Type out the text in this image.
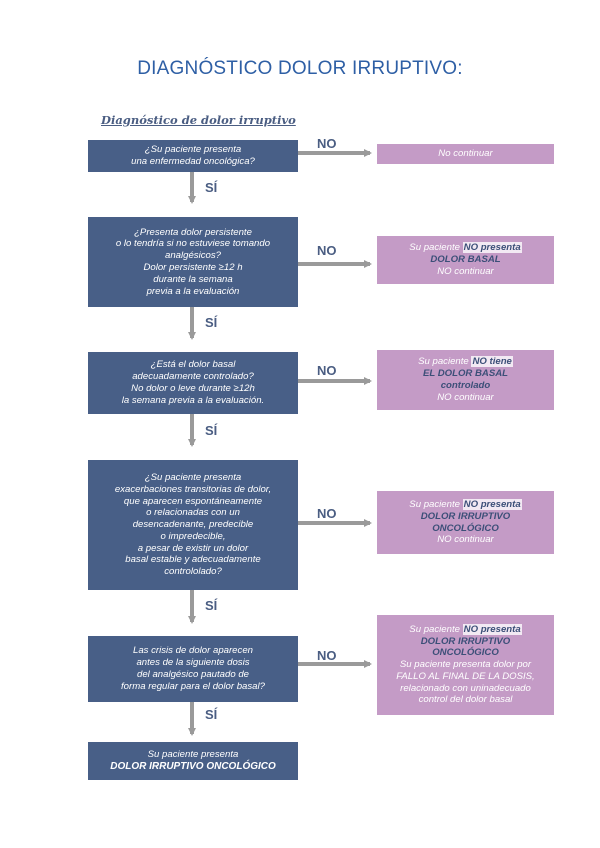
DIAGNÓSTICO DOLOR IRRUPTIVO:
Diagnóstico de dolor irruptivo
¿Su paciente presenta
una enfermedad oncológica?
¿Presenta dolor persistente
o lo tendría si no estuviese tomando
analgésicos?
Dolor persistente ≥12 h
durante la semana
previa a la evaluación
¿Está el dolor basal
adecuadamente controlado?
No dolor o leve durante ≥12h
la semana previa a la evaluación.
¿Su paciente presenta
exacerbaciones transitorias de dolor,
que aparecen espontáneamente
o relacionadas con un
desencadenante, predecible
o impredecible,
a pesar de existir un dolor
basal estable y adecuadamente
contrololado?
Las crisis de dolor aparecen
antes de la siguiente dosis
del analgésico pautado de
forma regular para el dolor basal?
No continuar
Su paciente NO presenta
DOLOR BASAL
NO continuar
Su paciente NO tiene
EL DOLOR BASAL
controlado
NO continuar
Su paciente NO presenta
DOLOR IRRUPTIVO
ONCOLÓGICO
NO continuar
Su paciente NO presenta
DOLOR IRRUPTIVO
ONCOLÓGICO
Su paciente presenta dolor por
FALLO AL FINAL DE LA DOSIS,
relacionado con uninadecuado
control del dolor basal
NO
NO
NO
NO
NO
SÍ
SÍ
SÍ
SÍ
SÍ
Su paciente presenta
DOLOR IRRUPTIVO ONCOLÓGICO
